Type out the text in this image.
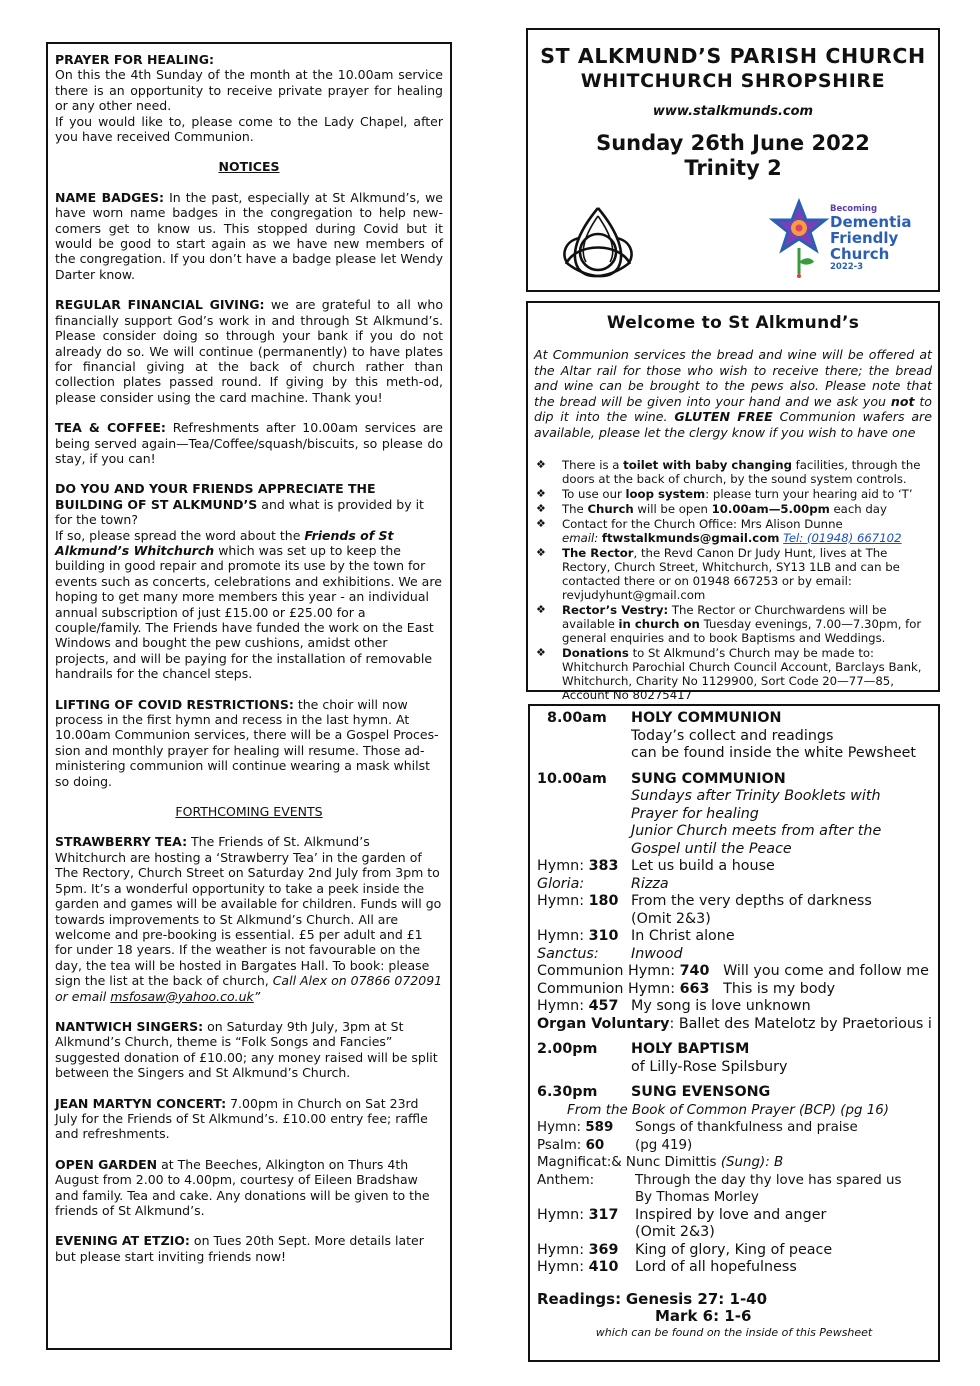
PRAYER FOR HEALING:
On this the 4th Sunday of the month at the 10.00am service there is an opportunity to receive private prayer for healing or any other need.
If you would like to, please come to the Lady Chapel, after you have received Communion.

NOTICES

NAME BADGES: In the past, especially at St Alkmund’s, we have worn name badges in the congregation to help new-comers get to know us. This stopped during Covid but it would be good to start again as we have new members of the congregation. If you don’t have a badge please let Wendy Darter know.

REGULAR FINANCIAL GIVING: we are grateful to all who financially support God’s work in and through St Alkmund’s. Please consider doing so through your bank if you do not already do so. We will continue (permanently) to have plates for financial giving at the back of church rather than collection plates passed round. If giving by this meth-od, please consider using the card machine. Thank you!

TEA & COFFEE: Refreshments after 10.00am services are being served again—Tea/Coffee/squash/biscuits, so please do stay, if you can!

DO YOU AND YOUR FRIENDS APPRECIATE THE BUILDING OF ST ALKMUND’S and what is provided by it for the town?
If so, please spread the word about the Friends of St Alkmund’s Whitchurch which was set up to keep the building in good repair and promote its use by the town for events such as concerts, celebrations and exhibitions. We are hoping to get many more members this year - an individual annual subscription of just £15.00 or £25.00 for a couple/family. The Friends have funded the work on the East Windows and bought the pew cushions, amidst other projects, and will be paying for the installation of removable handrails for the chancel steps.

LIFTING OF COVID RESTRICTIONS: the choir will now process in the first hymn and recess in the last hymn. At 10.00am Communion services, there will be a Gospel Proces-sion and monthly prayer for healing will resume. Those ad-ministering communion will continue wearing a mask whilst so doing.

FORTHCOMING EVENTS

STRAWBERRY TEA: The Friends of St. Alkmund’s Whitchurch are hosting a ‘Strawberry Tea’ in the garden of The Rectory, Church Street on Saturday 2nd July from 3pm to 5pm. It’s a wonderful opportunity to take a peek inside the garden and games will be available for children. Funds will go towards improvements to St Alkmund’s Church. All are welcome and pre-booking is essential. £5 per adult and £1 for under 18 years. If the weather is not favourable on the day, the tea will be hosted in Bargates Hall. To book: please sign the list at the back of church, Call Alex on 07866 072091 or email msfosaw@yahoo.co.uk”

NANTWICH SINGERS: on Saturday 9th July, 3pm at St Alkmund’s Church, theme is “Folk Songs and Fancies” suggested donation of £10.00; any money raised will be split between the Singers and St Alkmund’s Church.

JEAN MARTYN CONCERT: 7.00pm in Church on Sat 23rd July for the Friends of St Alkmund’s. £10.00 entry fee; raffle and refreshments.

OPEN GARDEN at The Beeches, Alkington on Thurs 4th August from 2.00 to 4.00pm, courtesy of Eileen Bradshaw and family. Tea and cake. Any donations will be given to the friends of St Alkmund’s.

EVENING AT ETZIO: on Tues 20th Sept. More details later but please start inviting friends now!

ST ALKMUND’S PARISH CHURCH
WHITCHURCH SHROPSHIRE
www.stalkmunds.com
Sunday 26th June 2022
Trinity 2
Becoming
Dementia
Friendly
Church
2022-3
Welcome to St Alkmund’s

At Communion services the bread and wine will be offered at the Altar rail for those who wish to receive there; the bread and wine can be brought to the pews also. Please note that the bread will be given into your hand and we ask you not to dip it into the wine. GLUTEN FREE Communion wafers are available, please let the clergy know if you wish to have one

❖ There is a toilet with baby changing facilities, through the doors at the back of church, by the sound system controls.
❖ To use our loop system: please turn your hearing aid to ‘T’
❖ The Church will be open 10.00am—5.00pm each day
❖ Contact for the Church Office: Mrs Alison Dunne
email: ftwstalkmunds@gmail.com Tel: (01948) 667102
❖ The Rector, the Revd Canon Dr Judy Hunt, lives at The Rectory, Church Street, Whitchurch, SY13 1LB and can be contacted there or on 01948 667253 or by email: revjudyhunt@gmail.com
❖ Rector’s Vestry: The Rector or Churchwardens will be available in church on Tuesday evenings, 7.00—7.30pm, for general enquiries and to book Baptisms and Weddings.
❖ Donations to St Alkmund’s Church may be made to: Whitchurch Parochial Church Council Account, Barclays Bank, Whitchurch, Charity No 1129900, Sort Code 20—77—85, Account No 80275417
8.00am	HOLY COMMUNION
Today’s collect and readings
can be found inside the white Pewsheet
10.00am	SUNG COMMUNION
Sundays after Trinity Booklets with
Prayer for healing
Junior Church meets from after the
Gospel until the Peace
Hymn: 383 Let us build a house
Gloria:	Rizza
Hymn: 180 From the very depths of darkness
(Omit 2&3)
Hymn: 310 In Christ alone
Sanctus: Inwood
Communion Hymn: 740 Will you come and follow me
Communion Hymn: 663 This is my body
Hymn: 457 My song is love unknown
Organ Voluntary: Ballet des Matelotz by Praetorious i
2.00pm	HOLY BAPTISM
of Lilly-Rose Spilsbury
6.30pm	SUNG EVENSONG
From the Book of Common Prayer (BCP) (pg 16)
Hymn: 589 Songs of thankfulness and praise
Psalm: 60 (pg 419)
Magnificat:& Nunc Dimittis (Sung): B
Anthem:	Through the day thy love has spared us
By Thomas Morley
Hymn: 317 Inspired by love and anger
(Omit 2&3)
Hymn: 369 King of glory, King of peace
Hymn: 410 Lord of all hopefulness
Readings: Genesis 27: 1-40
Mark 6: 1-6
which can be found on the inside of this Pewsheet
